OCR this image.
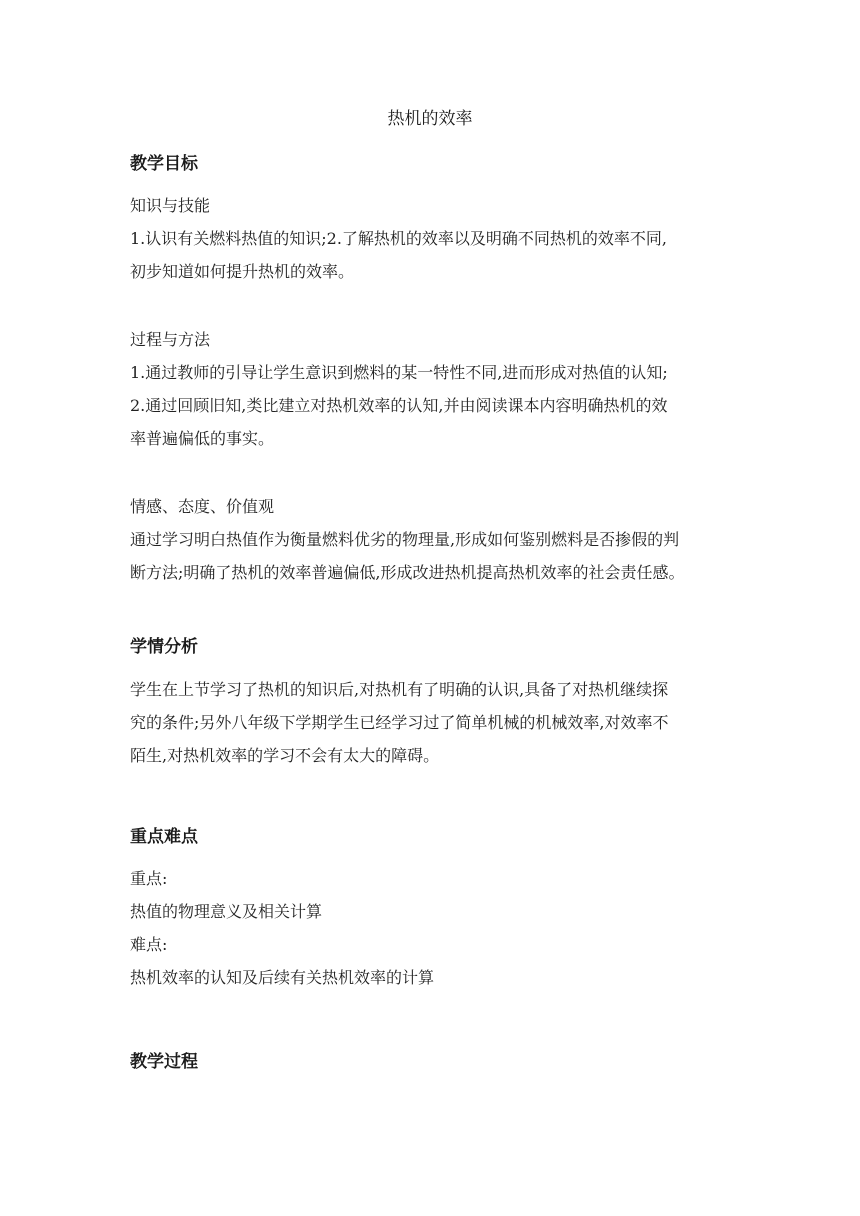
热机的效率
教学目标
知识与技能
1.认识有关燃料热值的知识;2.了解热机的效率以及明确不同热机的效率不同,
初步知道如何提升热机的效率。
过程与方法
1.通过教师的引导让学生意识到燃料的某一特性不同,进而形成对热值的认知;
2.通过回顾旧知,类比建立对热机效率的认知,并由阅读课本内容明确热机的效
率普遍偏低的事实。
情感、态度、价值观
通过学习明白热值作为衡量燃料优劣的物理量,形成如何鉴别燃料是否掺假的判
断方法;明确了热机的效率普遍偏低,形成改进热机提高热机效率的社会责任感。
学情分析
学生在上节学习了热机的知识后,对热机有了明确的认识,具备了对热机继续探
究的条件;另外八年级下学期学生已经学习过了简单机械的机械效率,对效率不
陌生,对热机效率的学习不会有太大的障碍。
重点难点
重点:
热值的物理意义及相关计算
难点:
热机效率的认知及后续有关热机效率的计算
教学过程
